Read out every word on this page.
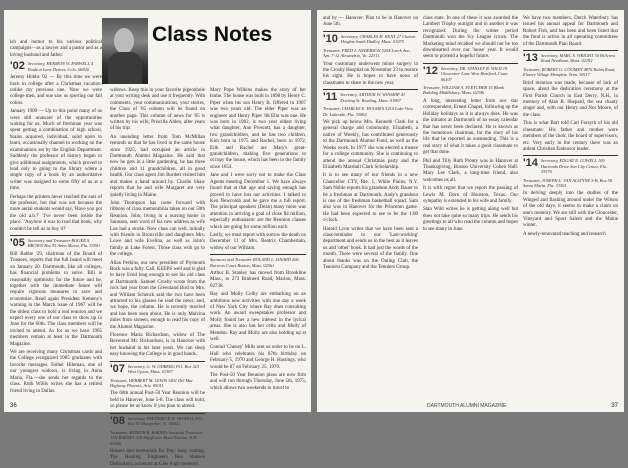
Class Notes

ish and humor to his various political campaigns—as a lawyer and a pastor and as a loving husband and father.

'02 Secretary, HERMON W. FARWELL 4 Paulton Lane Denver, Colo. 06820

Jeremy Hobbs '02 — By this time we were back in college after a Christmas vacation: unlike my previous one. Now we were college men, and one saw us sporting our fall colors.

January 1900 — Up to this point many of us were still unaware of the opportunities waiting for us. Much of freshman year was spent getting a combination of high school, brains acquired, individual, solid upon to learn, occasionally channel to working on the examinations set by the English Department. Suddenly the professor of history began to give additional assignments, which proved to lead only to going to the library where a single copy of a book by an authoritative writer was assigned to some fifty of us at a time.

Perhaps the printers never reached the ears of the professor, but that was not because the more aerial students would say, 'Have you got the old a.b.?' 'I've never been inside the place.' 'Anyhow it was to read that book, why couldn't he tell us to buy it?'

'05 Secretary and Treasurer ROGER S. BROWN Box 95 Anna Maria, Fla. 33501

Bill Rabbe '29, chairman of the Board of Trustees, reports that the full board will meet on January 20. Dartmouth, like all colleges, has financial problems to solve. Bill is reasonably optimistic for the future and he, together with the immediate future will require vigorous measures to save and economize. Read again President Kemeny's warning in the March issue of 1967 will be the oldest class to hold a real reunion and we expect every one of our class to show up in June for the 60th. The class members will be invited to attend. As for us we have 1905 members remain at least in the Dartmouth Magazine.

We are receiving many Christmas cards and the College recognized 1905 graduates with favorite messages. Esther Hileman, one of our youngest widows, is living in Anna Maria, Fla.—she sends her regards to the class. Ruth Willis writes she has a retired friend living in Dallas.

widows. Keep this in your favorite pigeonhole at your writing desk and use it frequently. With comments, your communications, your stories, the Class of '05 column will be found on another page. This column of news for '05 is written by his wife, Priscilla Alden, after years of his trip.

An unending letter from Tom McMillan reminds us that he has lived in the same house since 1925, had occupied an article in Dartmouth Alumni Magazine. He said that now he gets in a little gardening, he has three children and 11 grandchildren, all in good health. Our class agent Jim Burdett visited him and makes a hand around by. Charlie Shaw reports that he and wife Margaret are very quietly living in Maine.

John Thompson has come forward with ribbons of class memorabilia taken on our 50th Reunion. John, living in a nursing home in Sarasota, sent word of his new address as wife Lue had a stroke. Now class can well, initially with friends in Bronxville and daughters Mrs. Lowe and wife Evelina, as well as John's family at Lake Forest. Those class with go to the college.

Allan Perkins, our new president of Plymouth Rock was a fully. Call, KEEPS well and is glad to have lived long enough to see his old class at Dartmouth. Samuel Crosby wrote from the rock last year from the Greenland Bird to Mrs. and William Schenck said the two have been attracted to his glasses he read the news; and, we hope, the column. He is recently married and has been seen about. He is only Malvina miles from sixteen, enough to read his copy of the Alumni Magazine.

Florence Maria Richardson, widow of The Reverend Mr. Richardson, is in Hanover with her husband in his later years. We can sleep easy knowing the College is in good hands.

'07 Secretary, G. W. ODBERG P.O. Box 323 West Upton, Mass. 01587
Treasurer, HERBERT M. LEWIS 3401 Del Mar Highway Phoenix, Ariz. 85011

The 60th annual Post-50 Year Reunion will be held in Hanover, June 5-8. The class will hold, so please let us know if you plan to attend.

'08 Secretary, FREDERICK H. HOWELL P.O. Box 97 Montpelier, Vt. 05602
Treasurer, ARTHUR B. BARNES Assistant Treasurer, JAN BARNES 318 Mayflower Road Nashua, N.H. 03060

Honors and memorials for 'Pop' keep coming. The Heating Engineers Ben Hansen Dedication; a concert at Glee Pug's memory.

Mary Pope Wilkins makes the story of her home. The house was built in 1898 by Henry C. Piper when his son Henry B. Offered in 1907 was two years old. The elder Piper was an engineer and Henry Piper '08 Elm was one. He was born in 1902, is two year oldest living what daughter, Ann Prescott, has a daughter, two grandchildren, and he has two children, Kim born in 1975 and Rachel, born in 1972. Erik and Rachel are Mary's great-grandchildren, making five generations to occupy the house, which has been in the family since 1854.

Jane and I were sorry not to make the Class Agents meeting December 1. We have always found that at that age and saving enough has proved to have lost our activities. I talked to Ken Newcomb and he gave me a full report. The principal speakers (Dean) many more was attention in arriving a goal of close $4 million, especially enthusiastic are the Reunion classes which are going for some million each.

Lastly, we must report with sorrow the death on December 11 of Mrs. Beatrix Chamberlain, widow of our William.

Sponsors and Treasurer ROLAND L. ISNARD 266 Burrows Court Boston, Mass. 02561

Arthur B. Stanley has moved from Brookline Mass., to 273 Brainerd Road, Marion, Mass. 02738.

Ray and Molly Colby are embarking on an ambitious new activities with one day a week of New York City where Ray does consulting work. An award sweepstakes professor and Molly found her a new interest in the lyrical areas. She is also has her cello and Molly of Mendon. Ray and Molly are also holding up at well.

Conrad 'Cheney' Mills sent us order to be on L. Hall who celebrates his 87th birthday on February 5, 1970 and George H. Hastings, who would be 87 on February 25, 1970.

The Post-50 Year Reunion plans are now firm and will run through Thursday, June 5th, 1975, which allows two weekends to travel to

36

and by — Hanover. Plan to be in Hanover on June 5th.

'10 Secretary, CHARLES H. KENT 27 Charon Heights South Hadley, Mass. 01075
Treasurer, FRED J. ANDERSON 5204 Lorch Ave., Apt. 7-12 Alexandria, Va. 22311

Your customary underwent minor surgery in the Crosby Hospital on November 23 to restore his sight. He is hopes to have news of classmates to share in the new year.

'11 Secretary, ARTHUR W. WINSHIP 41 Doering St. Reading, Mass. 01867
Treasurer, CHARLES E. HUGHES 3214 Lake View Dr. Lakeside, Fla. 33862

We pick up below Mrs. Kenneth Clark for a general charge and community. Elizabeth, a native of Weekly, has contributed generously to the Dartmouth Alumni Fund, as well as the Weeks work. In 1977 she was elected a trustee for a college community. She is continuing to attend the annual Christmas party and the Elizabeth Marshall Clark Scholarship.

It is to see many of our friends in a new Chancellor CTV, Rte. 1, White Plains, N.Y. Sam Noble reports his grandson Andy Bauer to be a freshman at Dartmouth. Andy's grandson is one of the freshman basketball squad. Sam also was in Hanover for the Princeton game. He had been expected to see to be the 1:00 o'clock.

Harold Lyon writes that we have been sent a class-reminder to our 'Last-working' department and sends us to the best as it leaves us and 'other' book. It had just the words of the month. There were several of the family. One about thanks was on the Outing Club, the Tenniers Company and the Tenniers Group.

class state. In one of these it was awarded the Lambert Trophy outright and in another it was recognized. During the winter period Dartmouth won the Ivy League crown. The Marketing mind recalled we should not be too downhearted over our 'loose' year. It would seem to portend a hopeful future.

'12 Secretary, DR. STANLEY R. WILD 19 Gloucester Lane West Hartford, Conn. 06107
Treasurer, WILLIAM A. FLETCHER 15 Blank Building Middlebury, Mass. 02346

A long, interesting letter from our star correspondent, Ernest Chapel, following up the Holiday holidays as it is always does. He was the initiator at Dartmouth of an essay calendar that has never been declared. He is known as the hometown chairman, for the story of his life that he reported as outstanding. This is a real story of what it takes a good classmate to get that done.

Phil and Tilly Ruth Prouty was in Hanover at Thanksgiving, Boston University Cohen Hall. Mary Lee Clark, a long-time friend, also welcomes us all.

It is with regret that we report the passing of Lewis M. Dorn of Houston, Texas. Our sympathy is extended to his wife and family.

Stan Wild writes he is getting along well but does not take quite so many trips. He sends his greetings to all who read the column and hopes to see many in June.

We have two members. Dutch Waterbury has issued his annual appeal for Dartmouth and Robert Fish, and has been and been listed that the fund is active in all operating committees of the Dartmouth Plan Board.

'13 Secretary, MARC S. WRIGHT 30 Hillcrest Road Needham, Mass. 02192
Treasurer, ROBERT G. COOMEY 4876 Robin Road, Elmore Village Memphis, Tenn. 38117

Brief mention was made, because of lack of space, about the dedication ceremony at the First Parish Church in East Derry, N.H., in memory of Alan B. Shepard, the sea chanty singer and, with our Henry and Nor Moore, of the class.

This is what Bart told Carl Forsyth of his old classmate: His father and mother were members of the choir, the board of supervisors, etc. Very early in the century there was an ardent Christian Endeavor leader.

'14 Secretary, EDGAR N. LOWELL 109 Hacienda Drive Sun City Center, Fla. 33570
Treasurer, JOSEPH L. VAN ALSTYNE 3-B, Box 50 Santa Maria, Fla. 33501

In delving deeply into the studies of the Winged and flashing around under the Wilson of the old days, it seems to make a claim on one's memory. We are still with the Gloucester, Vineyard and Sport Salem and the Maine winter.

A newly-renovated teaching and research

DARTMOUTH ALUMNI MAGAZINE	37
